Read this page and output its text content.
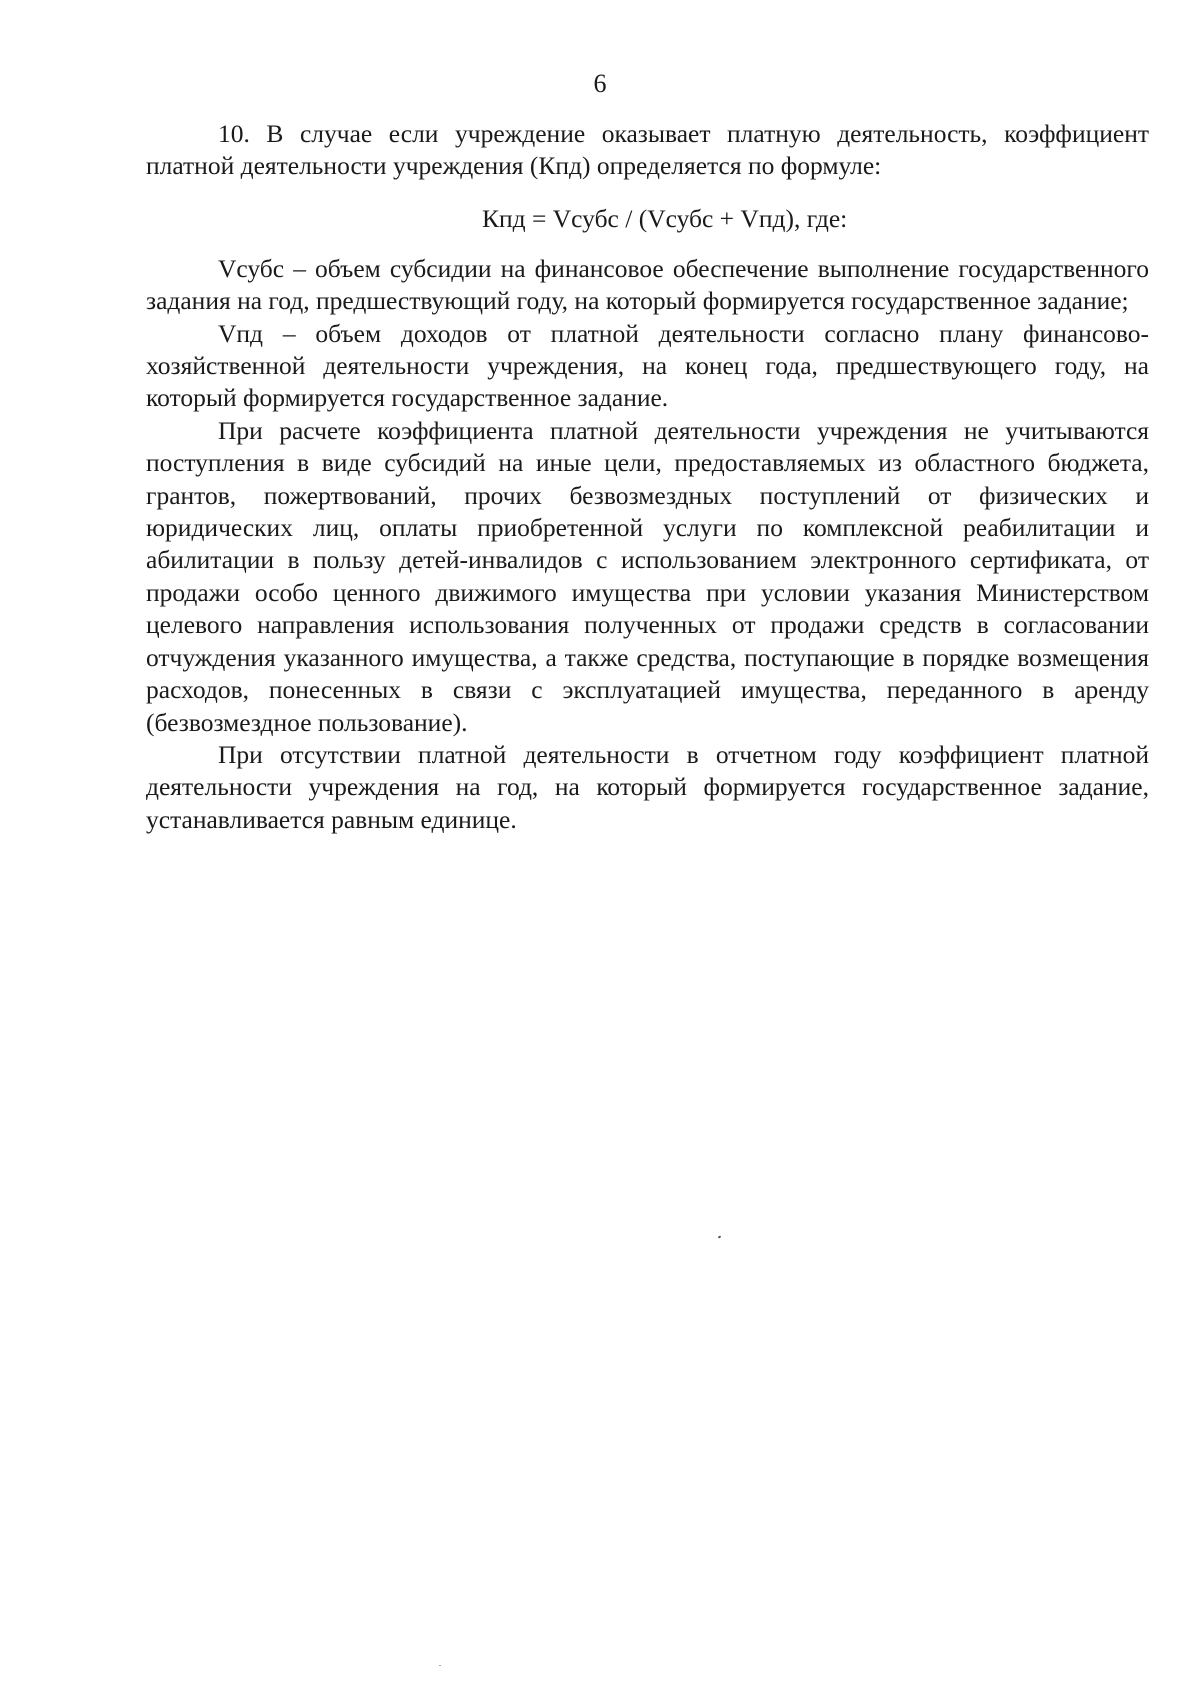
6

10. В случае если учреждение оказывает платную деятельность, коэффициент платной деятельности учреждения (Кпд) определяется по формуле:

Кпд = Vсубс / (Vсубс + Vпд), где:

Vсубс – объем субсидии на финансовое обеспечение выполнение государственного задания на год, предшествующий году, на который формируется государственное задание;

Vпд – объем доходов от платной деятельности согласно плану финансово-хозяйственной деятельности учреждения, на конец года, предшествующего году, на который формируется государственное задание.

При расчете коэффициента платной деятельности учреждения не учитываются поступления в виде субсидий на иные цели, предоставляемых из областного бюджета, грантов, пожертвований, прочих безвозмездных поступлений от физических и юридических лиц, оплаты приобретенной услуги по комплексной реабилитации и абилитации в пользу детей-инвалидов с использованием электронного сертификата, от продажи особо ценного движимого имущества при условии указания Министерством целевого направления использования полученных от продажи средств в согласовании отчуждения указанного имущества, а также средства, поступающие в порядке возмещения расходов, понесенных в связи с эксплуатацией имущества, переданного в аренду (безвозмездное пользование).

При отсутствии платной деятельности в отчетном году коэффициент платной деятельности учреждения на год, на который формируется государственное задание, устанавливается равным единице.
